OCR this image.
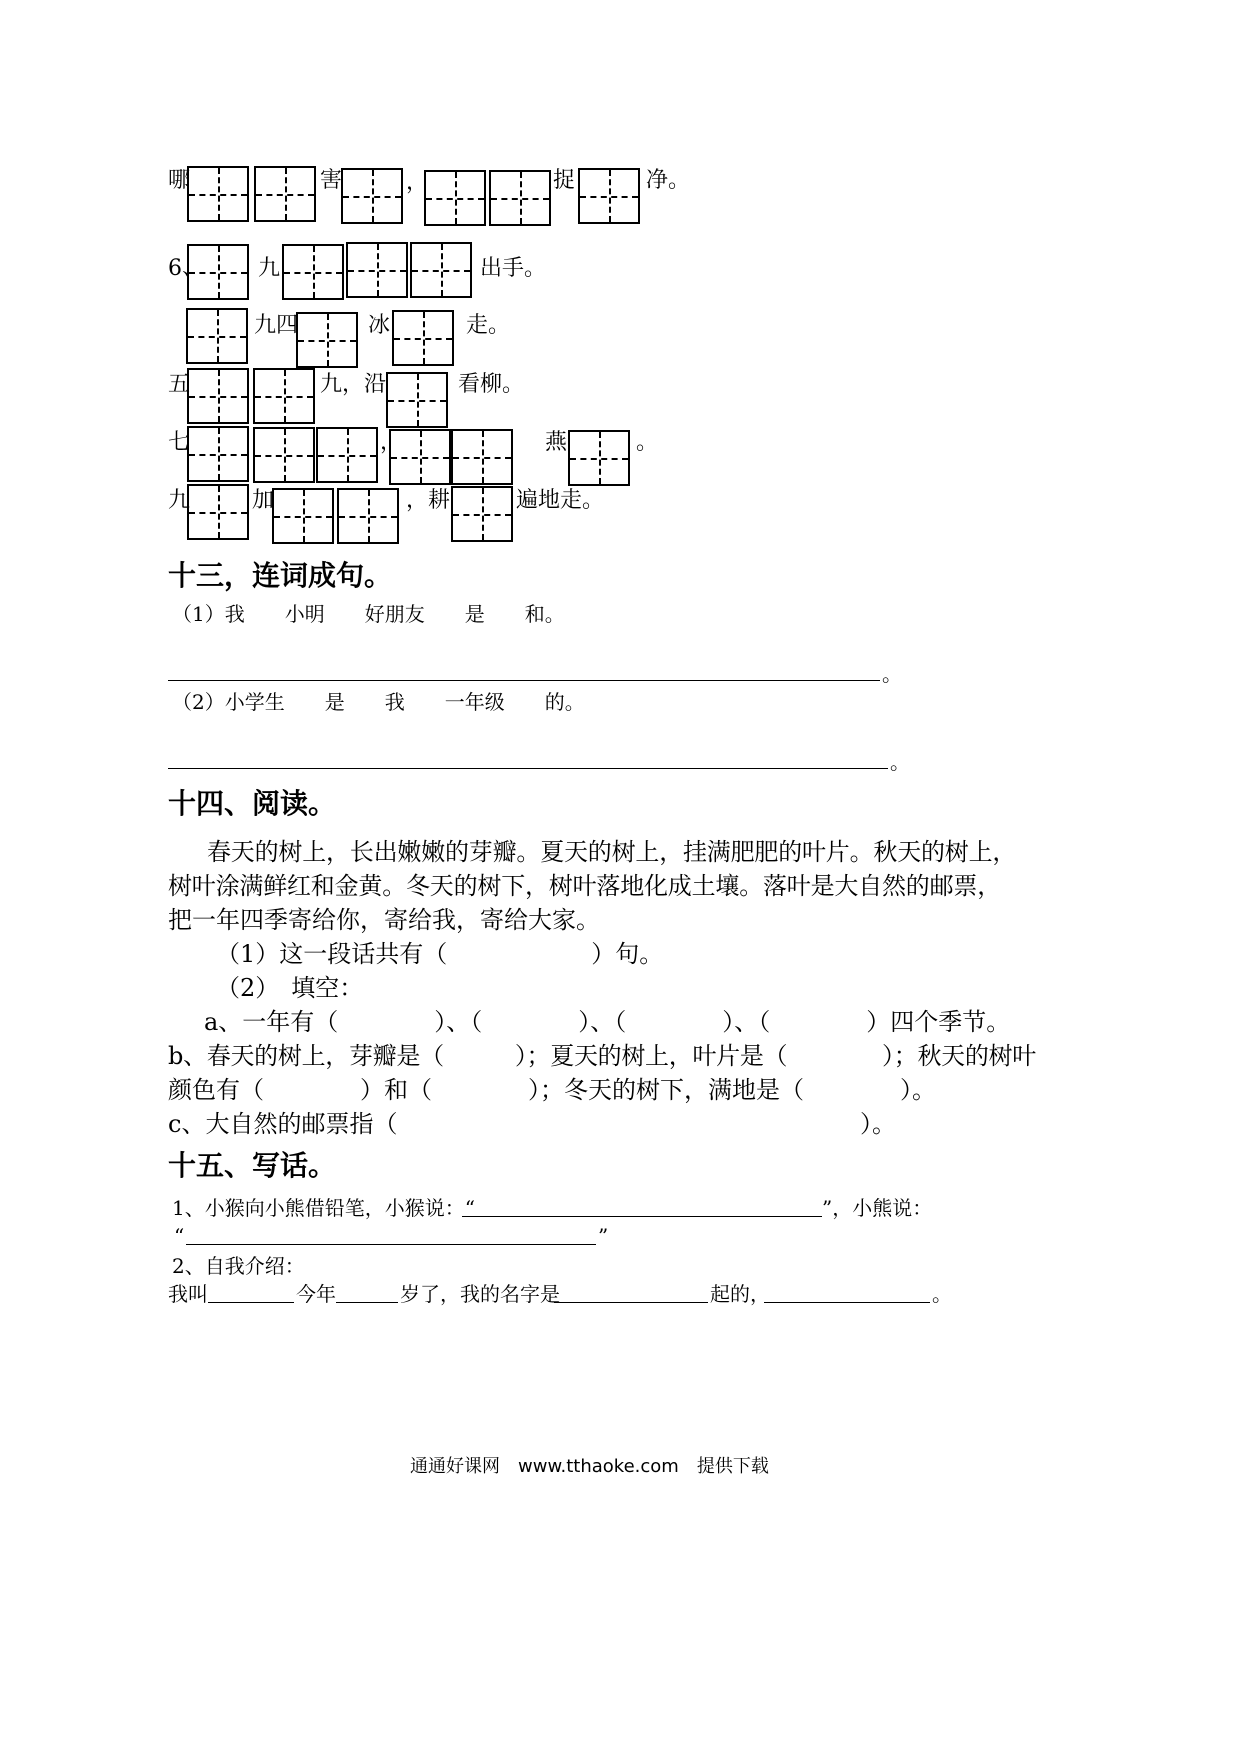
哪	害	，	捉	净。
6、 九	出手。
九四	冰	走。
五	九，沿	看柳。
七	，	燕	。
九	加	，耕	遍地走。
十三，连词成句。
（1）我　　小明　　好朋友　　是　　和。
。
（2）小学生　　是　　我　　一年级　　的。
。
十四、阅读。
春天的树上，长出嫩嫩的芽瓣。夏天的树上，挂满肥肥的叶片。秋天的树上，
树叶涂满鲜红和金黄。冬天的树下，树叶落地化成土壤。落叶是大自然的邮票，
把一年四季寄给你，寄给我，寄给大家。
（1）这一段话共有（　　　　　　）句。
（2）　填空：
a、一年有（　　　　）、（　　　　）、（　　　　）、（　　　　）四个季节。
b、春天的树上，芽瓣是（　　　）；夏天的树上，叶片是（　　　　）；秋天的树叶
颜色有（　　　　）和（　　　　）；冬天的树下，满地是（　　　　）。
c、大自然的邮票指（	）。
十五、写话。
1、小猴向小熊借铅笔，小猴说：“	”，小熊说：
“	”
2、自我介绍：
我叫	今年	岁了，我的名字是	起的，	。
通通好课网　www.tthaoke.com　提供下载
